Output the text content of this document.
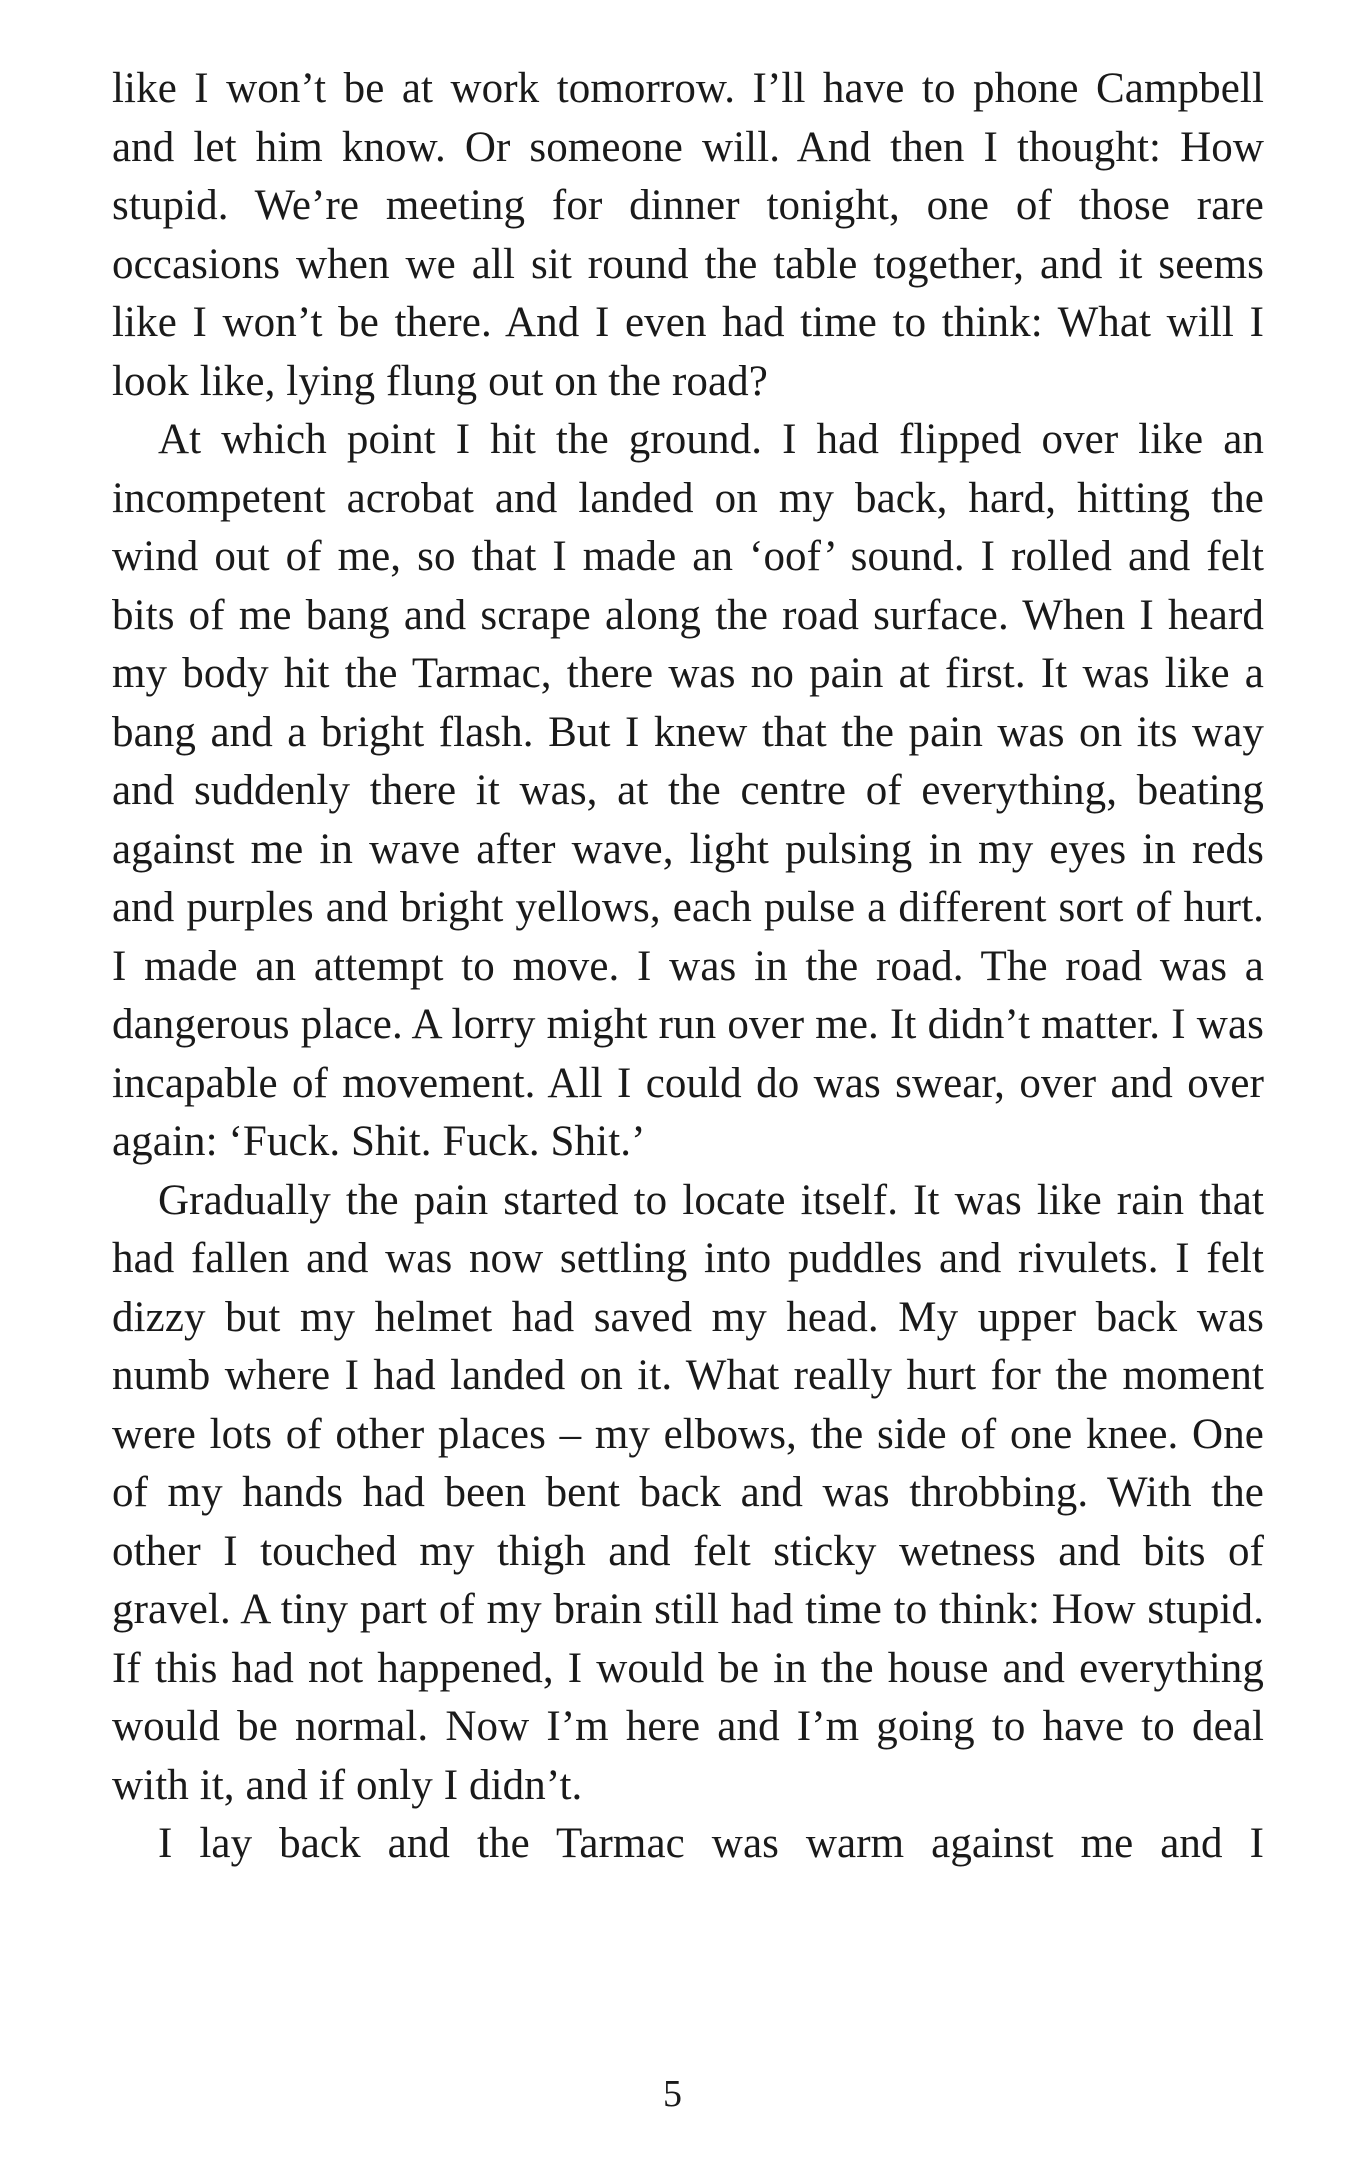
like I won’t be at work tomorrow. I’ll have to phone Campbell and let him know. Or someone will. And then I thought: How stupid. We’re meeting for dinner tonight, one of those rare occasions when we all sit round the table together, and it seems like I won’t be there. And I even had time to think: What will I look like, lying flung out on the road?

At which point I hit the ground. I had flipped over like an incompetent acrobat and landed on my back, hard, hitting the wind out of me, so that I made an ‘oof’ sound. I rolled and felt bits of me bang and scrape along the road surface. When I heard my body hit the Tarmac, there was no pain at first. It was like a bang and a bright flash. But I knew that the pain was on its way and suddenly there it was, at the centre of everything, beating against me in wave after wave, light pulsing in my eyes in reds and purples and bright yellows, each pulse a different sort of hurt. I made an attempt to move. I was in the road. The road was a dangerous place. A lorry might run over me. It didn’t matter. I was incapable of movement. All I could do was swear, over and over again: ‘Fuck. Shit. Fuck. Shit.’

Gradually the pain started to locate itself. It was like rain that had fallen and was now settling into puddles and rivulets. I felt dizzy but my helmet had saved my head. My upper back was numb where I had landed on it. What really hurt for the moment were lots of other places – my elbows, the side of one knee. One of my hands had been bent back and was throbbing. With the other I touched my thigh and felt sticky wetness and bits of gravel. A tiny part of my brain still had time to think: How stupid. If this had not happened, I would be in the house and everything would be normal. Now I’m here and I’m going to have to deal with it, and if only I didn’t.

I lay back and the Tarmac was warm against me and I

5
